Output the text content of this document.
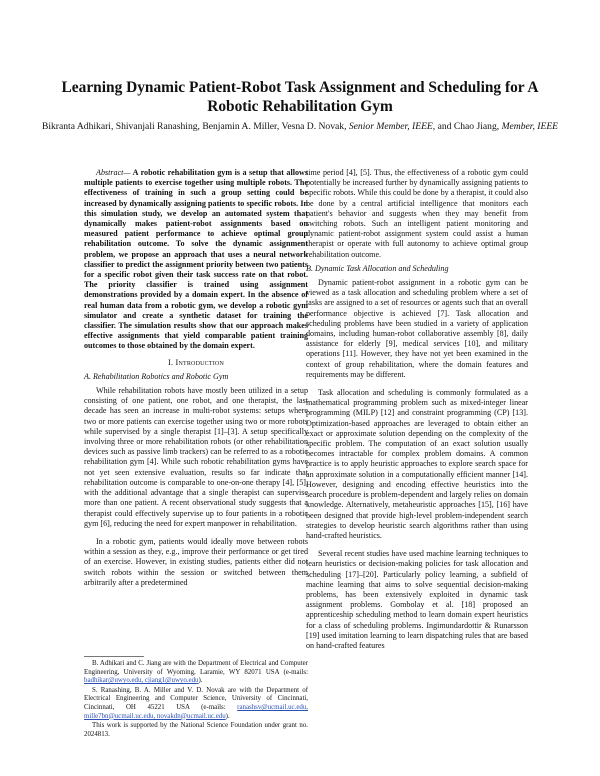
Learning Dynamic Patient-Robot Task Assignment and Scheduling for A Robotic Rehabilitation Gym
Bikranta Adhikari, Shivanjali Ranashing, Benjamin A. Miller, Vesna D. Novak, Senior Member, IEEE, and Chao Jiang, Member, IEEE

Abstract— A robotic rehabilitation gym is a setup that allows multiple patients to exercise together using multiple robots. The effectiveness of training in such a group setting could be increased by dynamically assigning patients to specific robots. In this simulation study, we develop an automated system that dynamically makes patient-robot assignments based on measured patient performance to achieve optimal group rehabilitation outcome. To solve the dynamic assignment problem, we propose an approach that uses a neural network classifier to predict the assignment priority between two patients for a specific robot given their task success rate on that robot. The priority classifier is trained using assignment demonstrations provided by a domain expert. In the absence of real human data from a robotic gym, we develop a robotic gym simulator and create a synthetic dataset for training the classifier. The simulation results show that our approach makes effective assignments that yield comparable patient training outcomes to those obtained by the domain expert.

I. Introduction
A. Rehabilitation Robotics and Robotic Gym

While rehabilitation robots have mostly been utilized in a setup consisting of one patient, one robot, and one therapist, the last decade has seen an increase in multi-robot systems: setups where two or more patients can exercise together using two or more robots while supervised by a single therapist [1]–[3]. A setup specifically involving three or more rehabilitation robots (or other rehabilitation devices such as passive limb trackers) can be referred to as a robotic rehabilitation gym [4]. While such robotic rehabilitation gyms have not yet seen extensive evaluation, results so far indicate that rehabilitation outcome is comparable to one-on-one therapy [4], [5], with the additional advantage that a single therapist can supervise more than one patient. A recent observational study suggests that a therapist could effectively supervise up to four patients in a robotic gym [6], reducing the need for expert manpower in rehabilitation.

In a robotic gym, patients would ideally move between robots within a session as they, e.g., improve their performance or get tired of an exercise. However, in existing studies, patients either did not switch robots within the session or switched between them arbitrarily after a predetermined

B. Adhikari and C. Jiang are with the Department of Electrical and Computer Engineering, University of Wyoming, Laramie, WY 82071 USA (e-mails: badhikar@uwyo.edu, cjiang1@uwyo.edu).

S. Ranashing, B. A. Miller and V. D. Novak are with the Department of Electrical Engineering and Computer Science, University of Cincinnati, Cincinnati, OH 45221 USA (e-mails: ranashsv@ucmail.uc.edu, mille7bn@ucmail.uc.edu, novakdn@ucmail.uc.edu).

This work is supported by the National Science Foundation under grant no. 2024813.

time period [4], [5]. Thus, the effectiveness of a robotic gym could potentially be increased further by dynamically assigning patients to specific robots. While this could be done by a therapist, it could also be done by a central artificial intelligence that monitors each patient's behavior and suggests when they may benefit from switching robots. Such an intelligent patient monitoring and dynamic patient-robot assignment system could assist a human therapist or operate with full autonomy to achieve optimal group rehabilitation outcome.

B. Dynamic Task Allocation and Scheduling

Dynamic patient-robot assignment in a robotic gym can be viewed as a task allocation and scheduling problem where a set of tasks are assigned to a set of resources or agents such that an overall performance objective is achieved [7]. Task allocation and scheduling problems have been studied in a variety of application domains, including human-robot collaborative assembly [8], daily assistance for elderly [9], medical services [10], and military operations [11]. However, they have not yet been examined in the context of group rehabilitation, where the domain features and requirements may be different.

Task allocation and scheduling is commonly formulated as a mathematical programming problem such as mixed-integer linear programming (MILP) [12] and constraint programming (CP) [13]. Optimization-based approaches are leveraged to obtain either an exact or approximate solution depending on the complexity of the specific problem. The computation of an exact solution usually becomes intractable for complex problem domains. A common practice is to apply heuristic approaches to explore search space for an approximate solution in a computationally efficient manner [14]. However, designing and encoding effective heuristics into the search procedure is problem-dependent and largely relies on domain knowledge. Alternatively, metaheuristic approaches [15], [16] have been designed that provide high-level problem-independent search strategies to develop heuristic search algorithms rather than using hand-crafted heuristics.

Several recent studies have used machine learning techniques to learn heuristics or decision-making policies for task allocation and scheduling [17]–[20]. Particularly policy learning, a subfield of machine learning that aims to solve sequential decision-making problems, has been extensively exploited in dynamic task assignment problems. Gombolay et al. [18] proposed an apprenticeship scheduling method to learn domain expert heuristics for a class of scheduling problems. Ingimundardottir & Runarsson [19] used imitation learning to learn dispatching rules that are based on hand-crafted features
